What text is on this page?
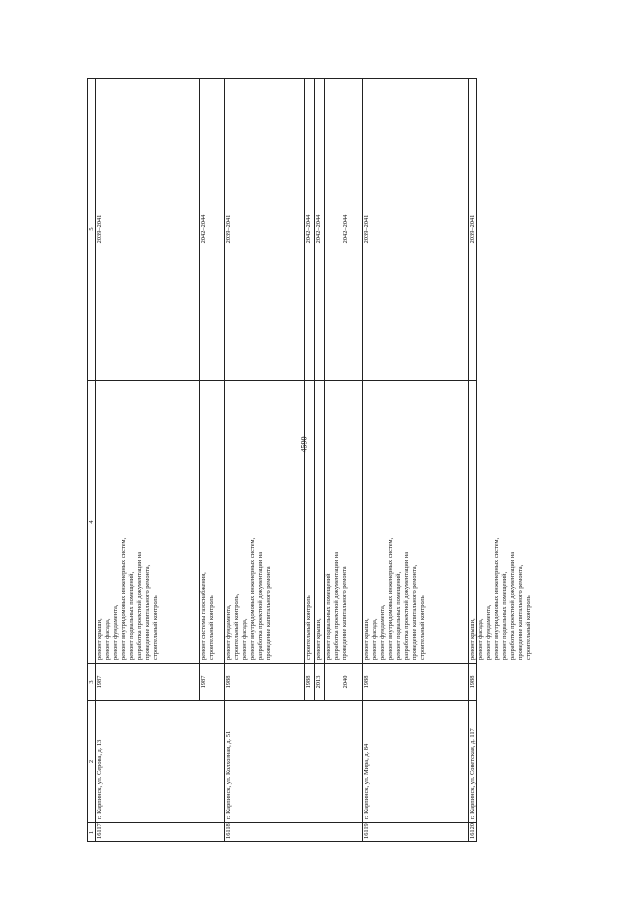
4590
1
2
3
4
5
16117.
г. Карпинск, ул. Серова, д. 13
1987
ремонт крыши, ремонт фасада, ремонт фундамента, ремонт внутридомовых инженерных систем, ремонт подвальных помещений, разработка проектной документации на проведение капитального ремонта, строительный контроль
2039–2041
1987
ремонт системы газоснабжения, строительный контроль
2042–2044
16118.
г. Карпинск, ул. Колхозная, д. 51
1988
ремонт фундамента, строительный контроль, ремонт фасада, ремонт внутридомовых инженерных систем, разработка проектной документации на проведение капитального ремонта
2039–2041
1988
строительный контроль
2042–2044
2013
ремонт крыши,
2042–2044
2040
ремонт подвальных помещений разработка проектной документации на проведение капитального ремонта
2042–2044
16119.
г. Карпинск, ул. Мира, д. 84
1988
ремонт крыши, ремонт фасада, ремонт фундамента, ремонт внутридомовых инженерных систем, ремонт подвальных помещений, разработка проектной документации на проведение капитального ремонта, строительный контроль
2039–2041
16120.
г. Карпинск, ул. Советская, д. 117
1988
ремонт крыши, ремонт фасада, ремонт фундамента, ремонт внутридомовых инженерных систем, ремонт подвальных помещений, разработка проектной документации на проведение капитального ремонта, строительный контроль
2039–2041
